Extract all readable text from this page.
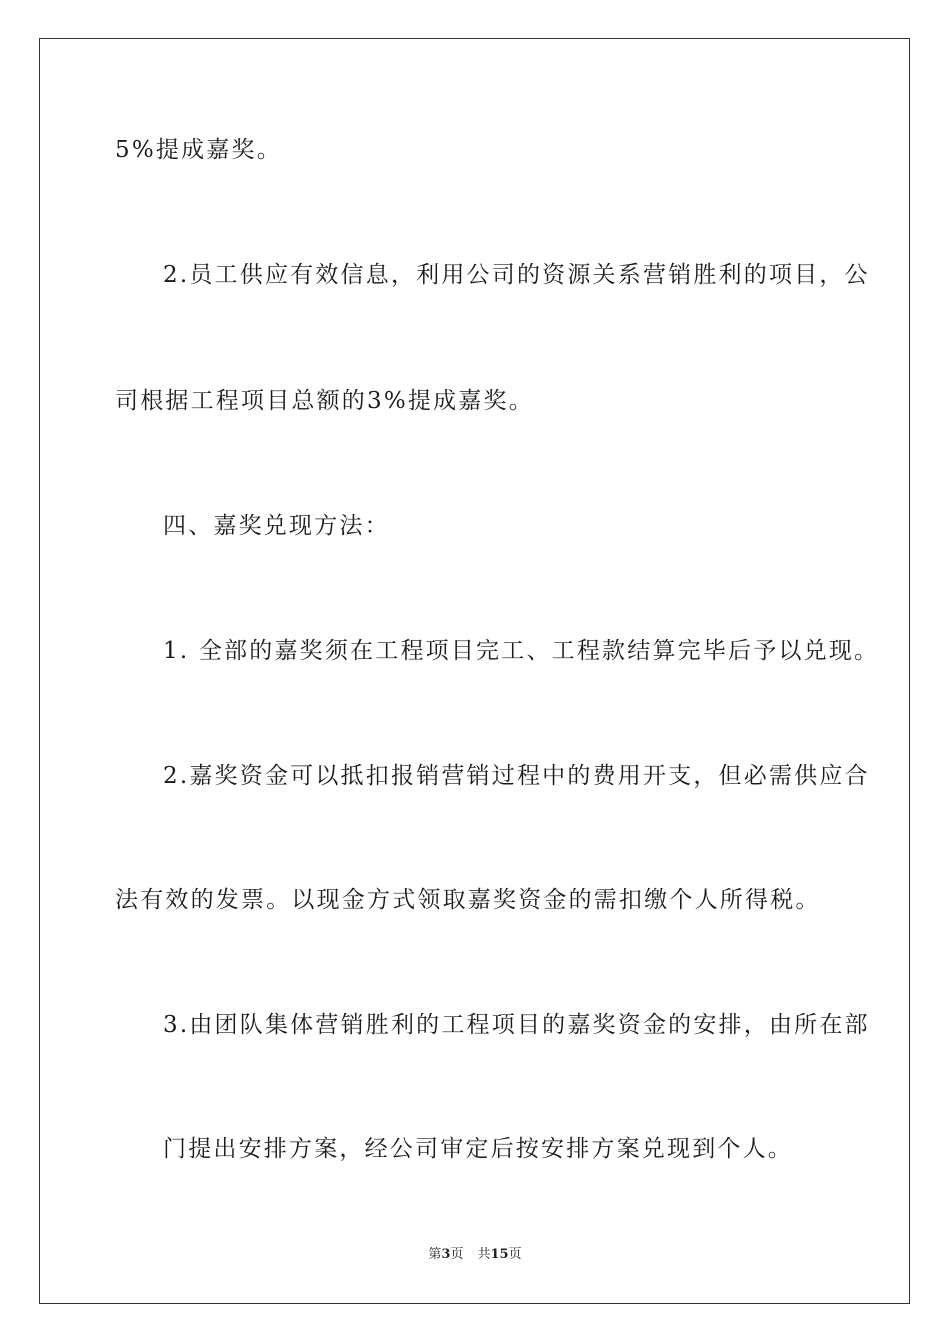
5%提成嘉奖。
2.员工供应有效信息，利用公司的资源关系营销胜利的项目，公
司根据工程项目总额的3%提成嘉奖。
四、嘉奖兑现方法：
1. 全部的嘉奖须在工程项目完工、工程款结算完毕后予以兑现。
2.嘉奖资金可以抵扣报销营销过程中的费用开支，但必需供应合
法有效的发票。以现金方式领取嘉奖资金的需扣缴个人所得税。
3.由团队集体营销胜利的工程项目的嘉奖资金的安排，由所在部
门提出安排方案，经公司审定后按安排方案兑现到个人。
第3页 共15页
